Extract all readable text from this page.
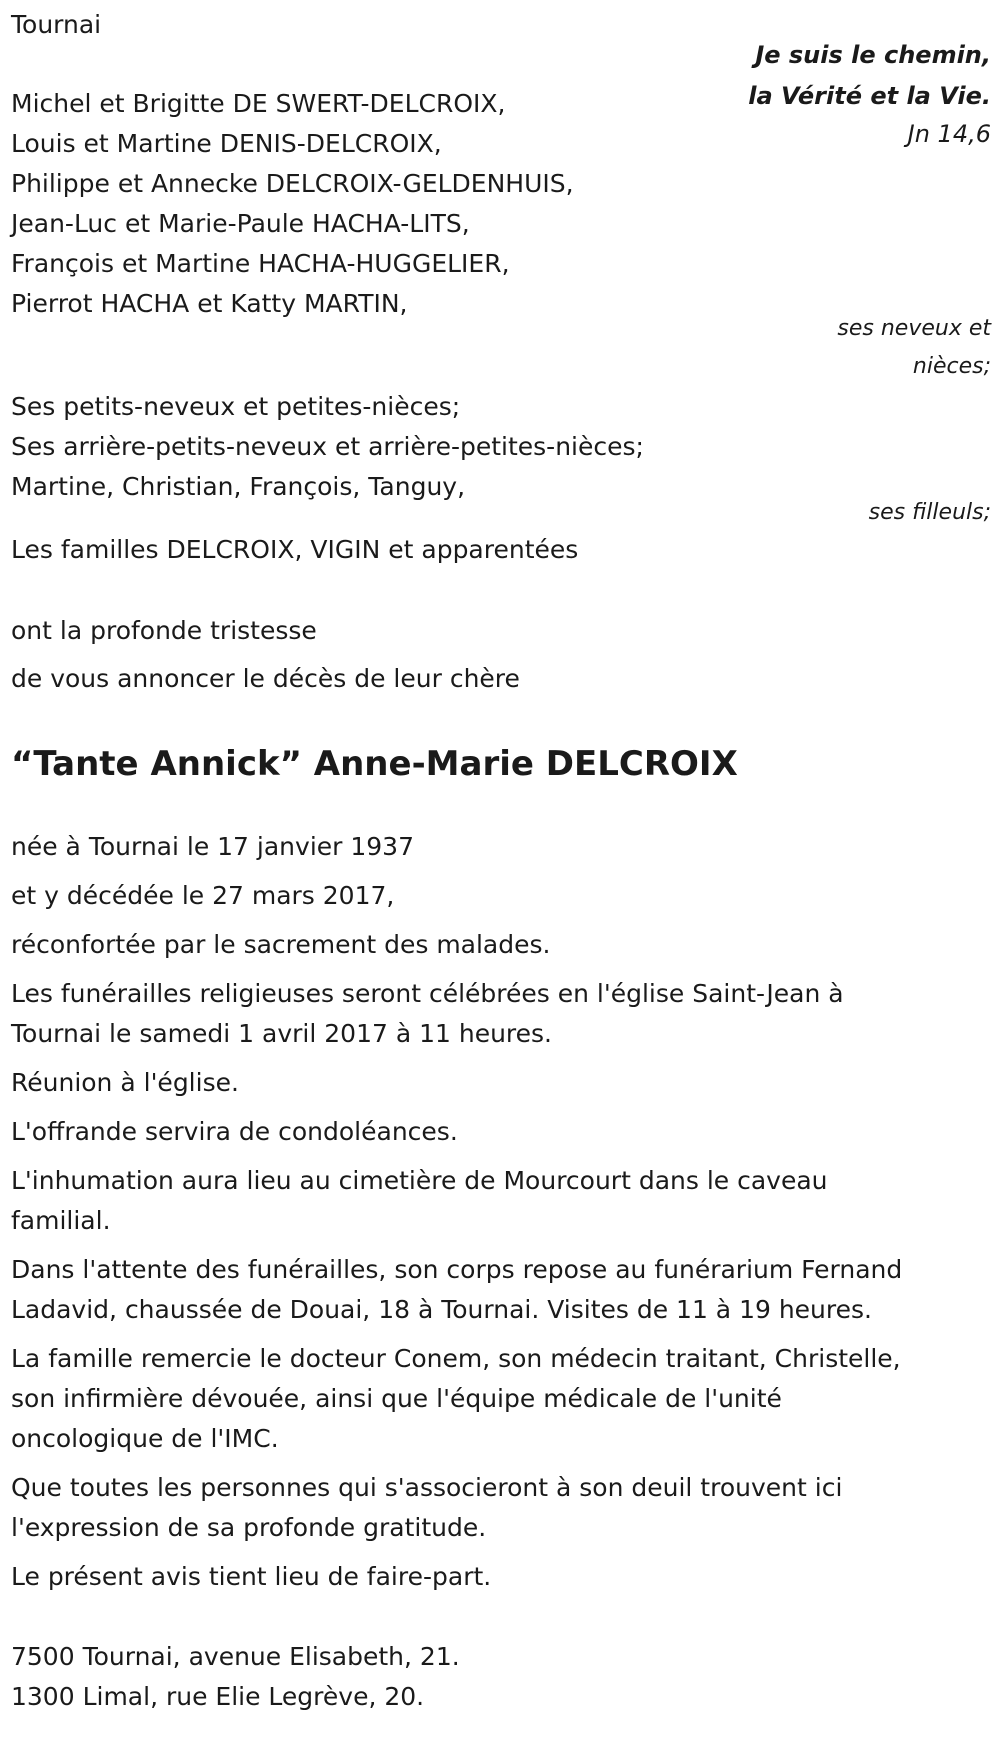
Tournai

Je suis le chemin,

la Vérité et la Vie.

Jn 14,6

Michel et Brigitte DE SWERT-DELCROIX,

Louis et Martine DENIS-DELCROIX,

Philippe et Annecke DELCROIX-GELDENHUIS,

Jean-Luc et Marie-Paule HACHA-LITS,

François et Martine HACHA-HUGGELIER,

Pierrot HACHA et Katty MARTIN,

ses neveux et

nièces;

Ses petits-neveux et petites-nièces;

Ses arrière-petits-neveux et arrière-petites-nièces;

Martine, Christian, François, Tanguy,

ses filleuls;

Les familles DELCROIX, VIGIN et apparentées

ont la profonde tristesse

de vous annoncer le décès de leur chère

“Tante Annick” Anne-Marie DELCROIX

née à Tournai le 17 janvier 1937

et y décédée le 27 mars 2017,

réconfortée par le sacrement des malades.

Les funérailles religieuses seront célébrées en l'église Saint-Jean à

Tournai le samedi 1 avril 2017 à 11 heures.

Réunion à l'église.

L'offrande servira de condoléances.

L'inhumation aura lieu au cimetière de Mourcourt dans le caveau

familial.

Dans l'attente des funérailles, son corps repose au funérarium Fernand

Ladavid, chaussée de Douai, 18 à Tournai. Visites de 11 à 19 heures.

La famille remercie le docteur Conem, son médecin traitant, Christelle,

son infirmière dévouée, ainsi que l'équipe médicale de l'unité

oncologique de l'IMC.

Que toutes les personnes qui s'associeront à son deuil trouvent ici

l'expression de sa profonde gratitude.

Le présent avis tient lieu de faire-part.

7500 Tournai, avenue Elisabeth, 21.

1300 Limal, rue Elie Legrève, 20.
